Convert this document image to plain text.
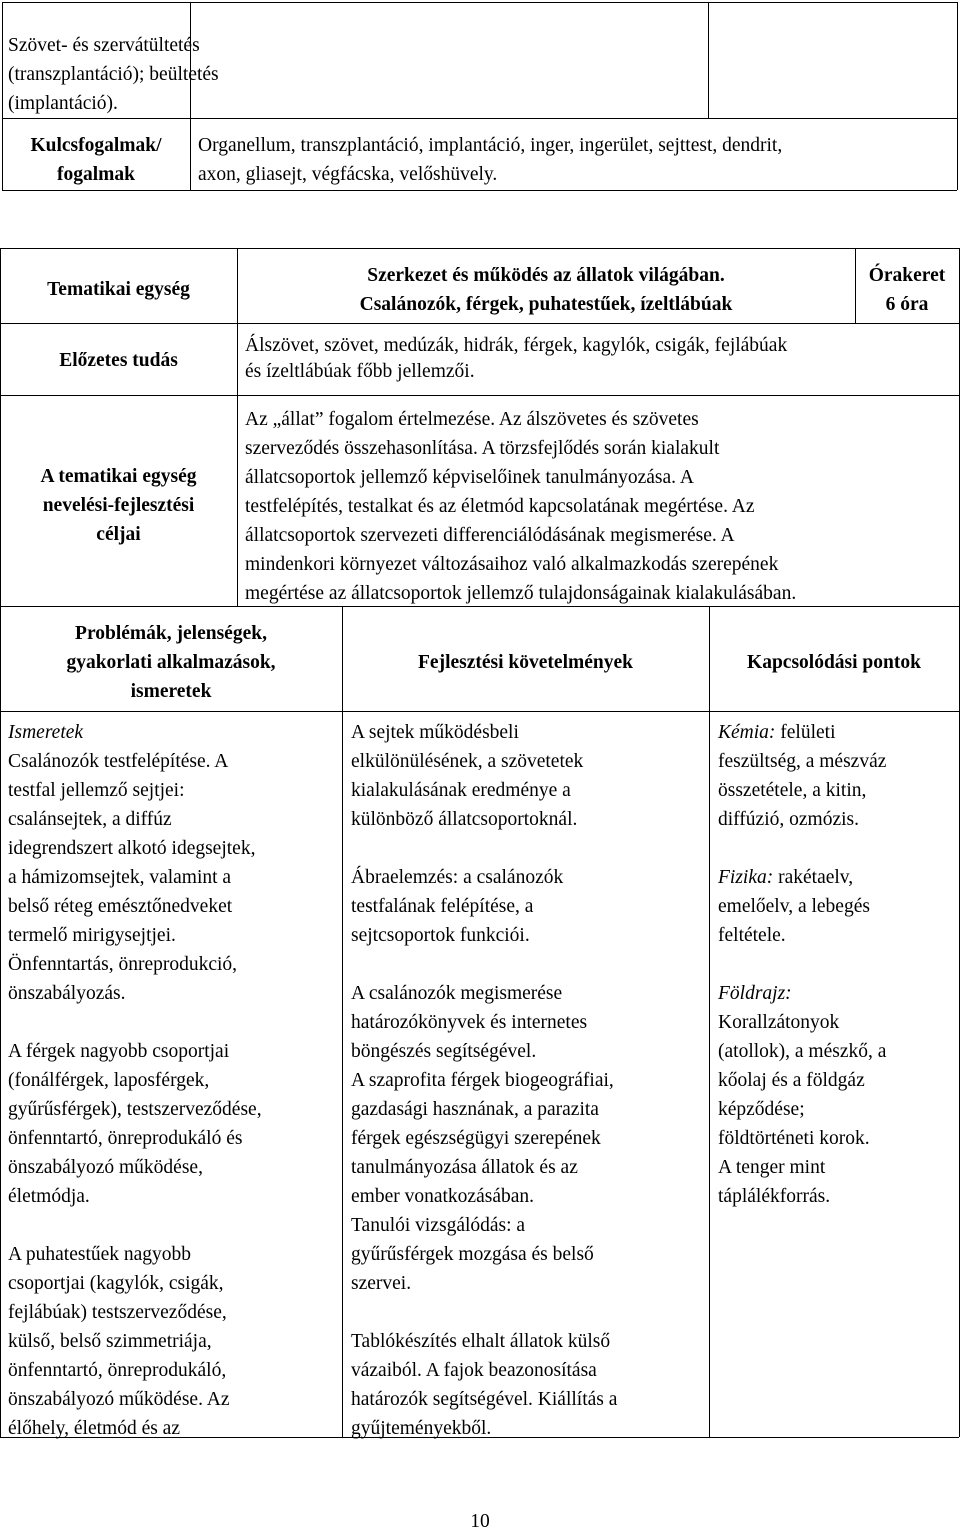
Szövet- és szervátültetés

(transzplantáció); beültetés

(implantáció).

Kulcsfogalmak/

fogalmak

Organellum, transzplantáció, implantáció, inger, ingerület, sejttest, dendrit,

axon, gliasejt, végfácska, velőshüvely.

Tematikai egység

Szerkezet és működés az állatok világában.

Csalánozók, férgek, puhatestűek, ízeltlábúak

Órakeret

6 óra

Előzetes tudás

Álszövet, szövet, medúzák, hidrák, férgek, kagylók, csigák, fejlábúak

és ízeltlábúak főbb jellemzői.

A tematikai egység

nevelési-fejlesztési

céljai

Az „állat” fogalom értelmezése. Az álszövetes és szövetes

szerveződés összehasonlítása. A törzsfejlődés során kialakult

állatcsoportok jellemző képviselőinek tanulmányozása. A

testfelépítés, testalkat és az életmód kapcsolatának megértése. Az

állatcsoportok szervezeti differenciálódásának megismerése. A

mindenkori környezet változásaihoz való alkalmazkodás szerepének

megértése az állatcsoportok jellemző tulajdonságainak kialakulásában.

Problémák, jelenségek,

gyakorlati alkalmazások,

ismeretek

Fejlesztési követelmények	Kapcsolódási pontok

Ismeretek

Csalánozók testfelépítése. A

testfal jellemző sejtjei:

csalánsejtek, a diffúz

idegrendszert alkotó idegsejtek,

a hámizomsejtek, valamint a

belső réteg emésztőnedveket

termelő mirigysejtjei.

Önfenntartás, önreprodukció,

önszabályozás.

A férgek nagyobb csoportjai

(fonálférgek, laposférgek,

gyűrűsférgek), testszerveződése,

önfenntartó, önreprodukáló és

önszabályozó működése,

életmódja.

A puhatestűek nagyobb

csoportjai (kagylók, csigák,

fejlábúak) testszerveződése,

külső, belső szimmetriája,

önfenntartó, önreprodukáló,

önszabályozó működése. Az

élőhely, életmód és az

A sejtek működésbeli

elkülönülésének, a szövetetek

kialakulásának eredménye a

különböző állatcsoportoknál.

Ábraelemzés: a csalánozók

testfalának felépítése, a

sejtcsoportok funkciói.

A csalánozók megismerése

határozókönyvek és internetes

böngészés segítségével.

A szaprofita férgek biogeográfiai,

gazdasági hasznának, a parazita

férgek egészségügyi szerepének

tanulmányozása állatok és az

ember vonatkozásában.

Tanulói vizsgálódás: a

gyűrűsférgek mozgása és belső

szervei.

Tablókészítés elhalt állatok külső

vázaiból. A fajok beazonosítása

határozók segítségével. Kiállítás a

gyűjteményekből.

Kémia: felületi

feszültség, a mészváz

összetétele, a kitin,

diffúzió, ozmózis.

Fizika: rakétaelv,

emelőelv, a lebegés

feltétele.

Földrajz:

Korallzátonyok

(atollok), a mészkő, a

kőolaj és a földgáz

képződése;

földtörténeti korok.

A tenger mint

táplálékforrás.

10
